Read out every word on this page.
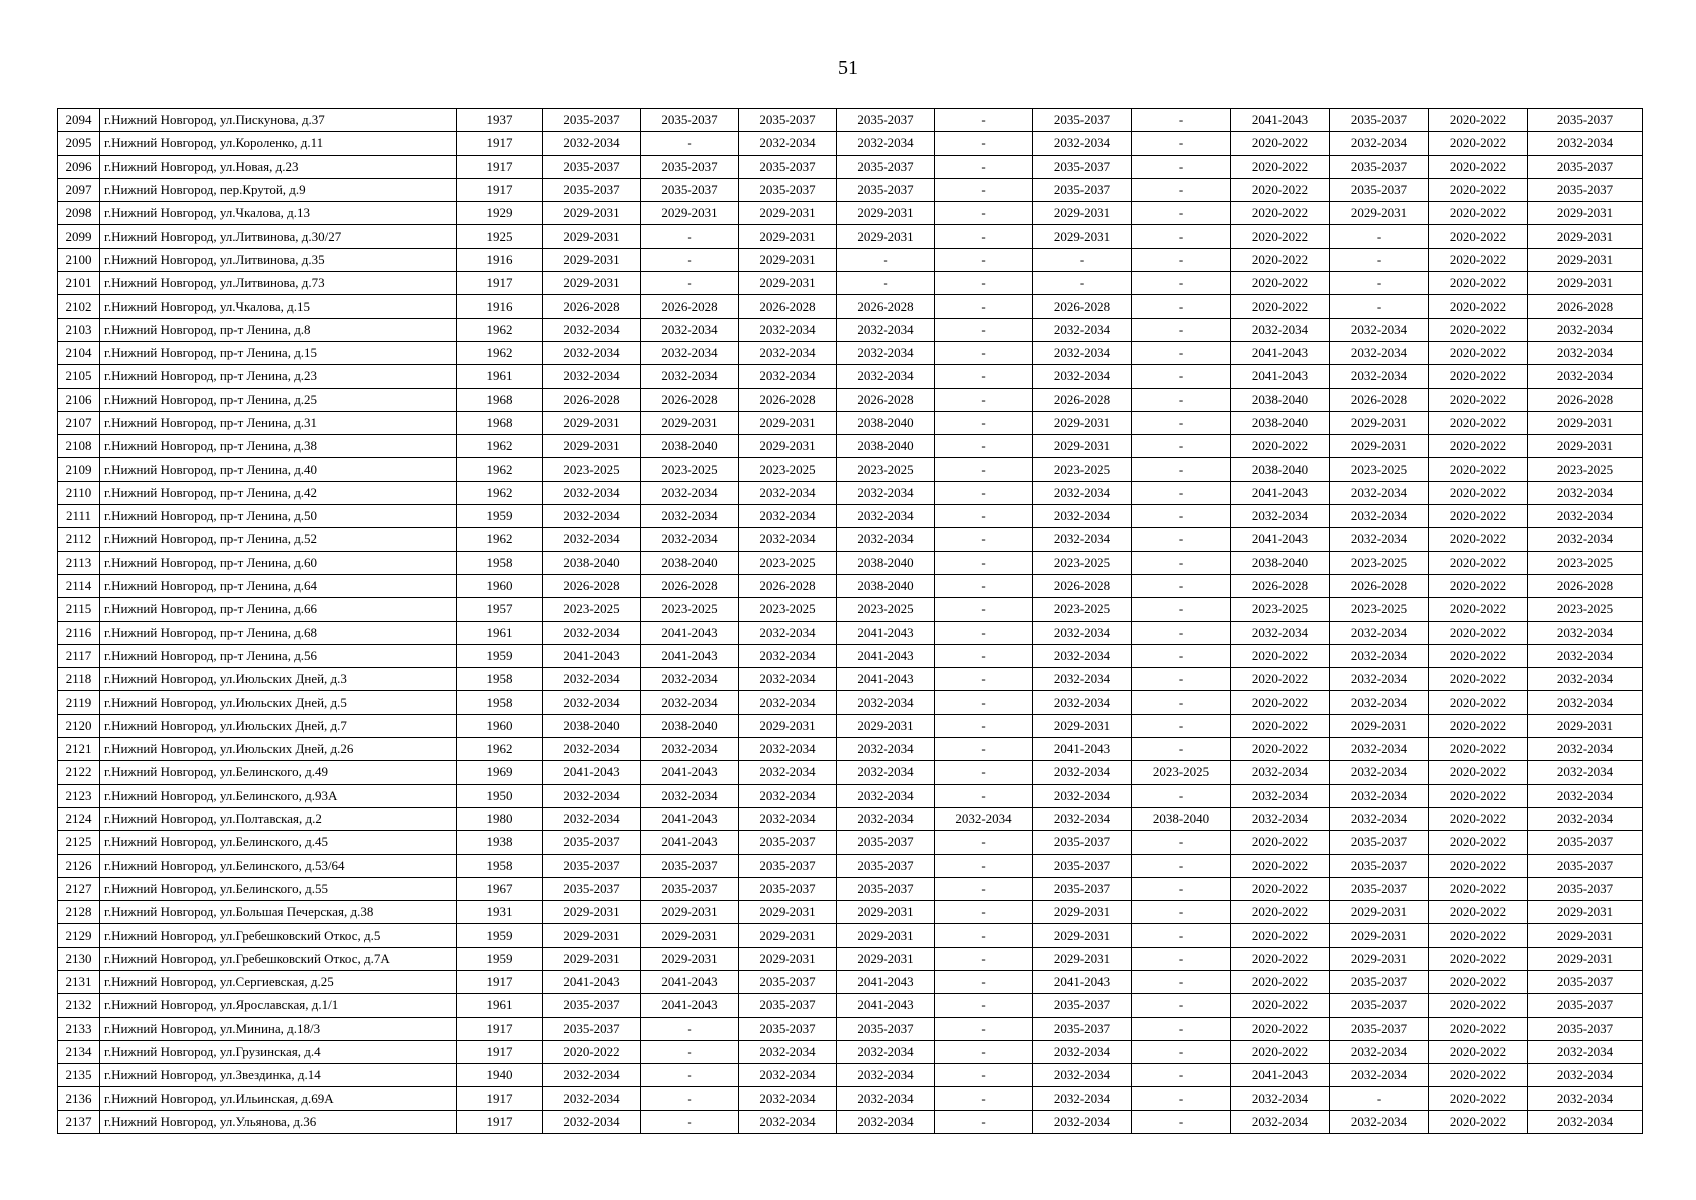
51
2094	г.Нижний Новгород, ул.Пискунова, д.37	1937	2035-2037	2035-2037	2035-2037	2035-2037	-	2035-2037	-	2041-2043	2035-2037	2020-2022	2035-2037
2095	г.Нижний Новгород, ул.Короленко, д.11	1917	2032-2034	-	2032-2034	2032-2034	-	2032-2034	-	2020-2022	2032-2034	2020-2022	2032-2034
2096	г.Нижний Новгород, ул.Новая, д.23	1917	2035-2037	2035-2037	2035-2037	2035-2037	-	2035-2037	-	2020-2022	2035-2037	2020-2022	2035-2037
2097	г.Нижний Новгород, пер.Крутой, д.9	1917	2035-2037	2035-2037	2035-2037	2035-2037	-	2035-2037	-	2020-2022	2035-2037	2020-2022	2035-2037
2098	г.Нижний Новгород, ул.Чкалова, д.13	1929	2029-2031	2029-2031	2029-2031	2029-2031	-	2029-2031	-	2020-2022	2029-2031	2020-2022	2029-2031
2099	г.Нижний Новгород, ул.Литвинова, д.30/27	1925	2029-2031	-	2029-2031	2029-2031	-	2029-2031	-	2020-2022	-	2020-2022	2029-2031
2100	г.Нижний Новгород, ул.Литвинова, д.35	1916	2029-2031	-	2029-2031	-	-	-	-	2020-2022	-	2020-2022	2029-2031
2101	г.Нижний Новгород, ул.Литвинова, д.73	1917	2029-2031	-	2029-2031	-	-	-	-	2020-2022	-	2020-2022	2029-2031
2102	г.Нижний Новгород, ул.Чкалова, д.15	1916	2026-2028	2026-2028	2026-2028	2026-2028	-	2026-2028	-	2020-2022	-	2020-2022	2026-2028
2103	г.Нижний Новгород, пр-т Ленина, д.8	1962	2032-2034	2032-2034	2032-2034	2032-2034	-	2032-2034	-	2032-2034	2032-2034	2020-2022	2032-2034
2104	г.Нижний Новгород, пр-т Ленина, д.15	1962	2032-2034	2032-2034	2032-2034	2032-2034	-	2032-2034	-	2041-2043	2032-2034	2020-2022	2032-2034
2105	г.Нижний Новгород, пр-т Ленина, д.23	1961	2032-2034	2032-2034	2032-2034	2032-2034	-	2032-2034	-	2041-2043	2032-2034	2020-2022	2032-2034
2106	г.Нижний Новгород, пр-т Ленина, д.25	1968	2026-2028	2026-2028	2026-2028	2026-2028	-	2026-2028	-	2038-2040	2026-2028	2020-2022	2026-2028
2107	г.Нижний Новгород, пр-т Ленина, д.31	1968	2029-2031	2029-2031	2029-2031	2038-2040	-	2029-2031	-	2038-2040	2029-2031	2020-2022	2029-2031
2108	г.Нижний Новгород, пр-т Ленина, д.38	1962	2029-2031	2038-2040	2029-2031	2038-2040	-	2029-2031	-	2020-2022	2029-2031	2020-2022	2029-2031
2109	г.Нижний Новгород, пр-т Ленина, д.40	1962	2023-2025	2023-2025	2023-2025	2023-2025	-	2023-2025	-	2038-2040	2023-2025	2020-2022	2023-2025
2110	г.Нижний Новгород, пр-т Ленина, д.42	1962	2032-2034	2032-2034	2032-2034	2032-2034	-	2032-2034	-	2041-2043	2032-2034	2020-2022	2032-2034
2111	г.Нижний Новгород, пр-т Ленина, д.50	1959	2032-2034	2032-2034	2032-2034	2032-2034	-	2032-2034	-	2032-2034	2032-2034	2020-2022	2032-2034
2112	г.Нижний Новгород, пр-т Ленина, д.52	1962	2032-2034	2032-2034	2032-2034	2032-2034	-	2032-2034	-	2041-2043	2032-2034	2020-2022	2032-2034
2113	г.Нижний Новгород, пр-т Ленина, д.60	1958	2038-2040	2038-2040	2023-2025	2038-2040	-	2023-2025	-	2038-2040	2023-2025	2020-2022	2023-2025
2114	г.Нижний Новгород, пр-т Ленина, д.64	1960	2026-2028	2026-2028	2026-2028	2038-2040	-	2026-2028	-	2026-2028	2026-2028	2020-2022	2026-2028
2115	г.Нижний Новгород, пр-т Ленина, д.66	1957	2023-2025	2023-2025	2023-2025	2023-2025	-	2023-2025	-	2023-2025	2023-2025	2020-2022	2023-2025
2116	г.Нижний Новгород, пр-т Ленина, д.68	1961	2032-2034	2041-2043	2032-2034	2041-2043	-	2032-2034	-	2032-2034	2032-2034	2020-2022	2032-2034
2117	г.Нижний Новгород, пр-т Ленина, д.56	1959	2041-2043	2041-2043	2032-2034	2041-2043	-	2032-2034	-	2020-2022	2032-2034	2020-2022	2032-2034
2118	г.Нижний Новгород, ул.Июльских Дней, д.3	1958	2032-2034	2032-2034	2032-2034	2041-2043	-	2032-2034	-	2020-2022	2032-2034	2020-2022	2032-2034
2119	г.Нижний Новгород, ул.Июльских Дней, д.5	1958	2032-2034	2032-2034	2032-2034	2032-2034	-	2032-2034	-	2020-2022	2032-2034	2020-2022	2032-2034
2120	г.Нижний Новгород, ул.Июльских Дней, д.7	1960	2038-2040	2038-2040	2029-2031	2029-2031	-	2029-2031	-	2020-2022	2029-2031	2020-2022	2029-2031
2121	г.Нижний Новгород, ул.Июльских Дней, д.26	1962	2032-2034	2032-2034	2032-2034	2032-2034	-	2041-2043	-	2020-2022	2032-2034	2020-2022	2032-2034
2122	г.Нижний Новгород, ул.Белинского, д.49	1969	2041-2043	2041-2043	2032-2034	2032-2034	-	2032-2034	2023-2025	2032-2034	2032-2034	2020-2022	2032-2034
2123	г.Нижний Новгород, ул.Белинского, д.93А	1950	2032-2034	2032-2034	2032-2034	2032-2034	-	2032-2034	-	2032-2034	2032-2034	2020-2022	2032-2034
2124	г.Нижний Новгород, ул.Полтавская, д.2	1980	2032-2034	2041-2043	2032-2034	2032-2034	2032-2034	2032-2034	2038-2040	2032-2034	2032-2034	2020-2022	2032-2034
2125	г.Нижний Новгород, ул.Белинского, д.45	1938	2035-2037	2041-2043	2035-2037	2035-2037	-	2035-2037	-	2020-2022	2035-2037	2020-2022	2035-2037
2126	г.Нижний Новгород, ул.Белинского, д.53/64	1958	2035-2037	2035-2037	2035-2037	2035-2037	-	2035-2037	-	2020-2022	2035-2037	2020-2022	2035-2037
2127	г.Нижний Новгород, ул.Белинского, д.55	1967	2035-2037	2035-2037	2035-2037	2035-2037	-	2035-2037	-	2020-2022	2035-2037	2020-2022	2035-2037
2128	г.Нижний Новгород, ул.Большая Печерская, д.38	1931	2029-2031	2029-2031	2029-2031	2029-2031	-	2029-2031	-	2020-2022	2029-2031	2020-2022	2029-2031
2129	г.Нижний Новгород, ул.Гребешковский Откос, д.5	1959	2029-2031	2029-2031	2029-2031	2029-2031	-	2029-2031	-	2020-2022	2029-2031	2020-2022	2029-2031
2130	г.Нижний Новгород, ул.Гребешковский Откос, д.7А	1959	2029-2031	2029-2031	2029-2031	2029-2031	-	2029-2031	-	2020-2022	2029-2031	2020-2022	2029-2031
2131	г.Нижний Новгород, ул.Сергиевская, д.25	1917	2041-2043	2041-2043	2035-2037	2041-2043	-	2041-2043	-	2020-2022	2035-2037	2020-2022	2035-2037
2132	г.Нижний Новгород, ул.Ярославская, д.1/1	1961	2035-2037	2041-2043	2035-2037	2041-2043	-	2035-2037	-	2020-2022	2035-2037	2020-2022	2035-2037
2133	г.Нижний Новгород, ул.Минина, д.18/3	1917	2035-2037	-	2035-2037	2035-2037	-	2035-2037	-	2020-2022	2035-2037	2020-2022	2035-2037
2134	г.Нижний Новгород, ул.Грузинская, д.4	1917	2020-2022	-	2032-2034	2032-2034	-	2032-2034	-	2020-2022	2032-2034	2020-2022	2032-2034
2135	г.Нижний Новгород, ул.Звездинка, д.14	1940	2032-2034	-	2032-2034	2032-2034	-	2032-2034	-	2041-2043	2032-2034	2020-2022	2032-2034
2136	г.Нижний Новгород, ул.Ильинская, д.69А	1917	2032-2034	-	2032-2034	2032-2034	-	2032-2034	-	2032-2034	-	2020-2022	2032-2034
2137	г.Нижний Новгород, ул.Ульянова, д.36	1917	2032-2034	-	2032-2034	2032-2034	-	2032-2034	-	2032-2034	2032-2034	2020-2022	2032-2034
